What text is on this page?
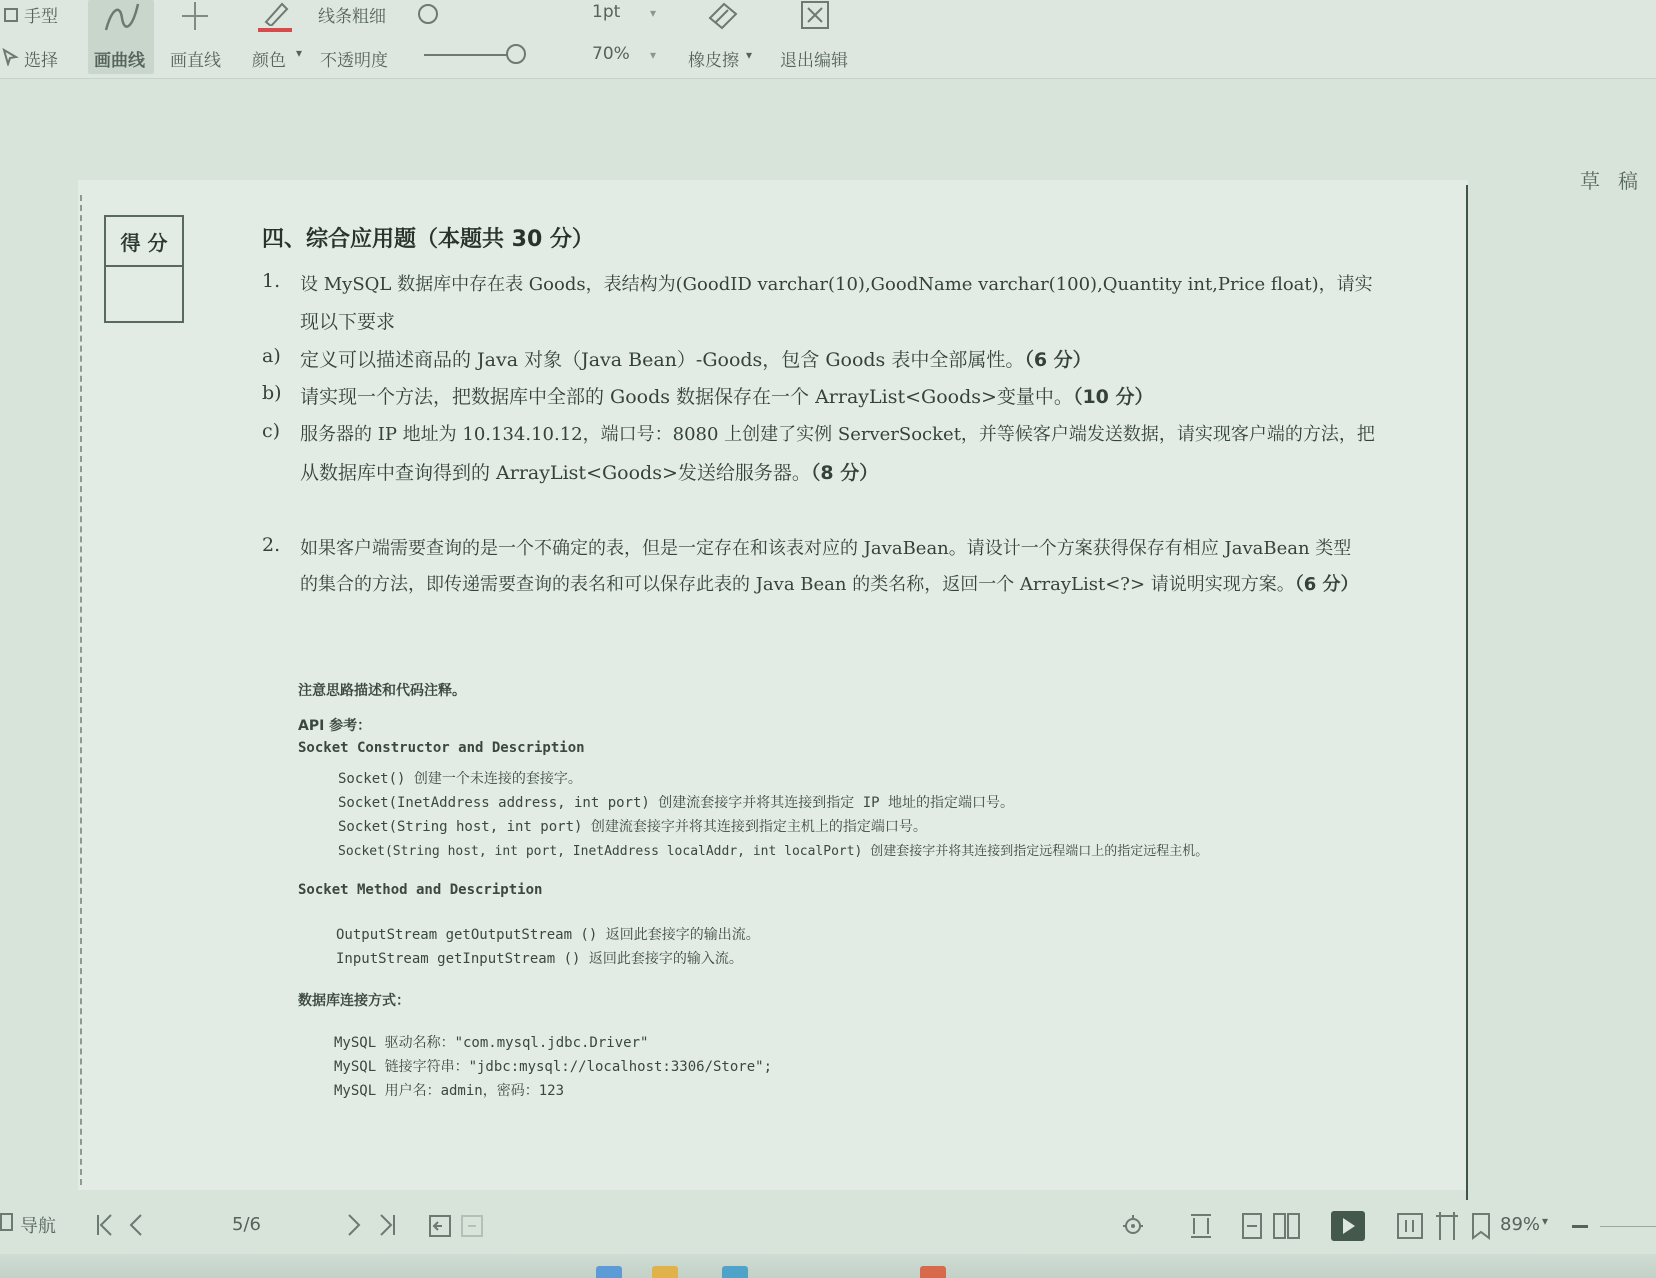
手型
选择 画曲线 画直线 颜色 ▾
线条粗细
不透明度
1pt ▾
70% ▾ 橡皮擦 ▾ 退出编辑
草稿
得 分	四、综合应用题（本题共 30 分）
1. 设 MySQL 数据库中存在表 Goods，表结构为(GoodID varchar(10),GoodName varchar(100),Quantity int,Price float)，请实
现以下要求
a) 定义可以描述商品的 Java 对象（Java Bean）-Goods，包含 Goods 表中全部属性。（6 分）
b) 请实现一个方法，把数据库中全部的 Goods 数据保存在一个 ArrayList<Goods>变量中。（10 分）
c) 服务器的 IP 地址为 10.134.10.12，端口号：8080 上创建了实例 ServerSocket，并等候客户端发送数据，请实现客户端的方法，把
从数据库中查询得到的 ArrayList<Goods>发送给服务器。（8 分）
2. 如果客户端需要查询的是一个不确定的表，但是一定存在和该表对应的 JavaBean。请设计一个方案获得保存有相应 JavaBean 类型
的集合的方法，即传递需要查询的表名和可以保存此表的 Java Bean 的类名称，返回一个 ArrayList<?> 请说明实现方案。（6 分）
注意思路描述和代码注释。
API 参考：
Socket Constructor and Description
Socket() 创建一个未连接的套接字。
Socket(InetAddress address, int port) 创建流套接字并将其连接到指定 IP 地址的指定端口号。
Socket(String host, int port) 创建流套接字并将其连接到指定主机上的指定端口号。
Socket(String host, int port, InetAddress localAddr, int localPort) 创建套接字并将其连接到指定远程端口上的指定远程主机。
Socket Method and Description
OutputStream getOutputStream () 返回此套接字的输出流。
InputStream getInputStream () 返回此套接字的输入流。
数据库连接方式：
MySQL 驱动名称："com.mysql.jdbc.Driver"
MySQL 链接字符串："jdbc:mysql://localhost:3306/Store";
MySQL 用户名：admin，密码：123
导航	5/6	89% ▾
